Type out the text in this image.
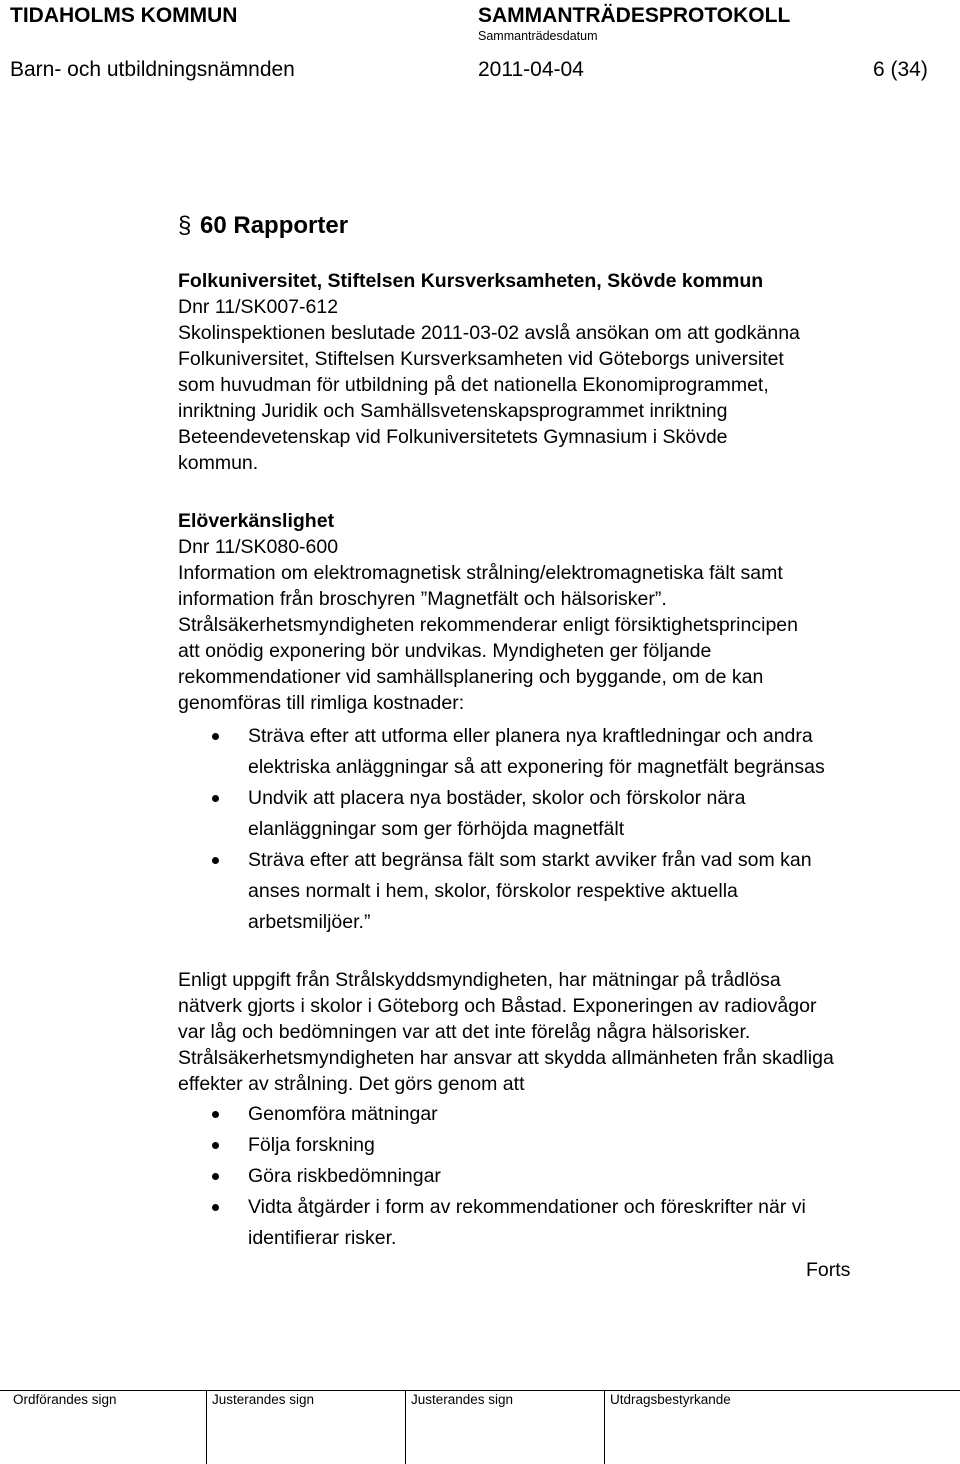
TIDAHOLMS KOMMUN	SAMMANTRÄDESPROTOKOLL
Sammanträdesdatum
Barn- och utbildningsnämnden	2011-04-04	6 (34)
§ 60 Rapporter
Folkuniversitet, Stiftelsen Kursverksamheten, Skövde kommun
Dnr 11/SK007-612
Skolinspektionen beslutade 2011-03-02 avslå ansökan om att godkänna
Folkuniversitet, Stiftelsen Kursverksamheten vid Göteborgs universitet
som huvudman för utbildning på det nationella Ekonomiprogrammet,
inriktning Juridik och Samhällsvetenskapsprogrammet inriktning
Beteendevetenskap vid Folkuniversitetets Gymnasium i Skövde
kommun.
Elöverkänslighet
Dnr 11/SK080-600
Information om elektromagnetisk strålning/elektromagnetiska fält samt
information från broschyren ”Magnetfält och hälsorisker”.
Strålsäkerhetsmyndigheten rekommenderar enligt försiktighetsprincipen
att onödig exponering bör undvikas. Myndigheten ger följande
rekommendationer vid samhällsplanering och byggande, om de kan
genomföras till rimliga kostnader:
Sträva efter att utforma eller planera nya kraftledningar och andra
elektriska anläggningar så att exponering för magnetfält begränsas
Undvik att placera nya bostäder, skolor och förskolor nära
elanläggningar som ger förhöjda magnetfält
Sträva efter att begränsa fält som starkt avviker från vad som kan
anses normalt i hem, skolor, förskolor respektive aktuella
arbetsmiljöer.”
Enligt uppgift från Strålskyddsmyndigheten, har mätningar på trådlösa
nätverk gjorts i skolor i Göteborg och Båstad. Exponeringen av radiovågor
var låg och bedömningen var att det inte förelåg några hälsorisker.
Strålsäkerhetsmyndigheten har ansvar att skydda allmänheten från skadliga
effekter av strålning. Det görs genom att
Genomföra mätningar
Följa forskning
Göra riskbedömningar
Vidta åtgärder i form av rekommendationer och föreskrifter när vi
identifierar risker.
Forts
Ordförandes sign	Justerandes sign	Justerandes sign	Utdragsbestyrkande
